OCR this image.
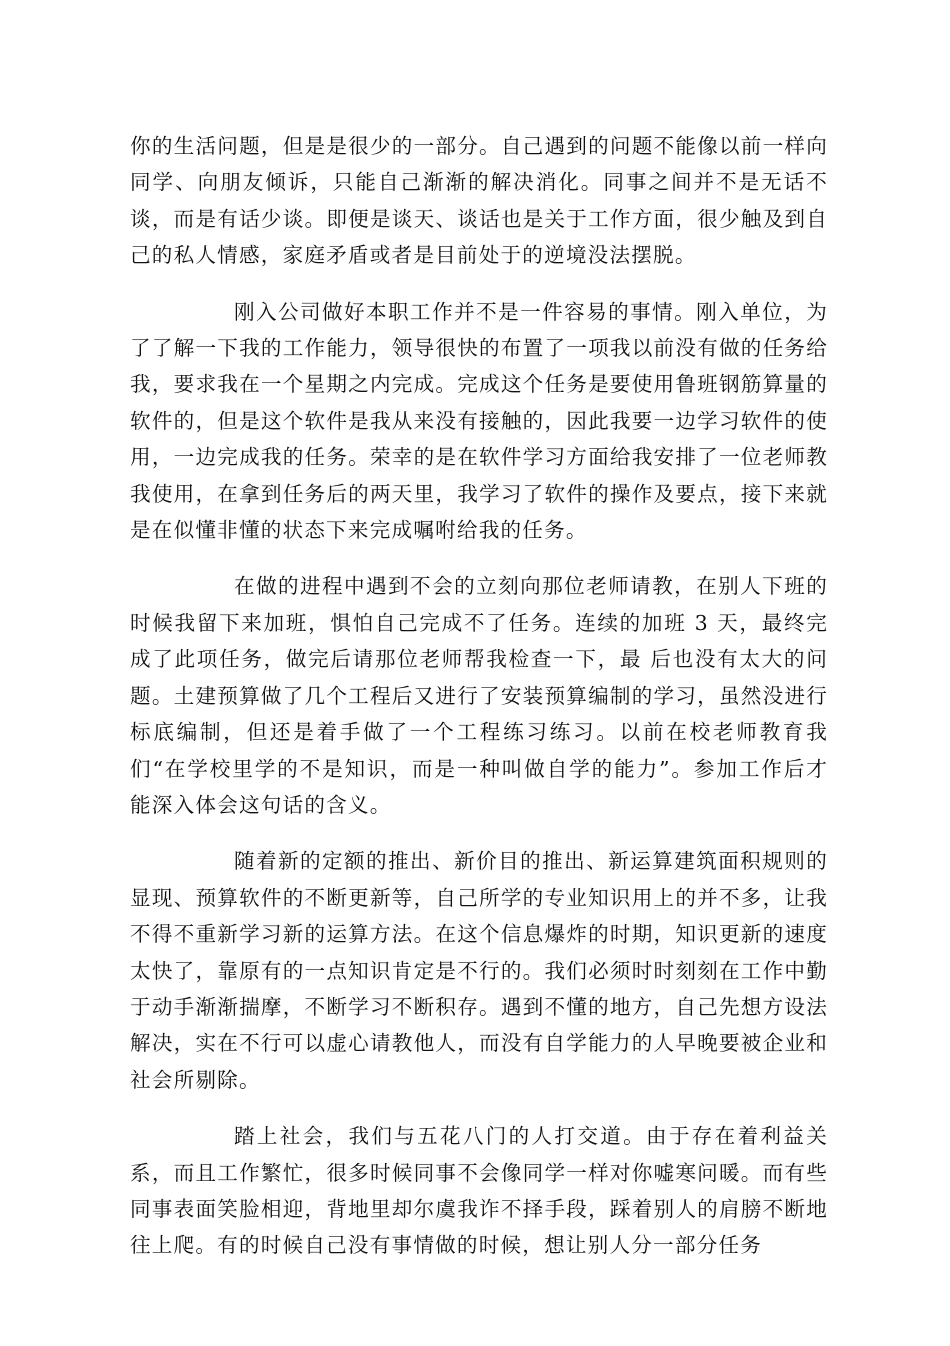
你的生活问题，但是是很少的一部分。自己遇到的问题不能像以前一样向同学、向朋友倾诉，只能自己渐渐的解决消化。同事之间并不是无话不谈，而是有话少谈。即便是谈天、谈话也是关于工作方面，很少触及到自己的私人情感，家庭矛盾或者是目前处于的逆境没法摆脱。

刚入公司做好本职工作并不是一件容易的事情。刚入单位，为了了解一下我的工作能力，领导很快的布置了一项我以前没有做的任务给我，要求我在一个星期之内完成。完成这个任务是要使用鲁班钢筋算量的软件的，但是这个软件是我从来没有接触的，因此我要一边学习软件的使用，一边完成我的任务。荣幸的是在软件学习方面给我安排了一位老师教我使用，在拿到任务后的两天里，我学习了软件的操作及要点，接下来就是在似懂非懂的状态下来完成嘱咐给我的任务。

在做的进程中遇到不会的立刻向那位老师请教，在别人下班的时候我留下来加班，惧怕自己完成不了任务。连续的加班 3 天，最终完成了此项任务，做完后请那位老师帮我检查一下，最 后也没有太大的问题。土建预算做了几个工程后又进行了安装预算编制的学习，虽然没进行标底编制，但还是着手做了一个工程练习练习。以前在校老师教育我们“在学校里学的不是知识，而是一种叫做自学的能力”。参加工作后才能深入体会这句话的含义。

随着新的定额的推出、新价目的推出、新运算建筑面积规则的显现、预算软件的不断更新等，自己所学的专业知识用上的并不多，让我不得不重新学习新的运算方法。在这个信息爆炸的时期，知识更新的速度太快了，靠原有的一点知识肯定是不行的。我们必须时时刻刻在工作中勤于动手渐渐揣摩，不断学习不断积存。遇到不懂的地方，自己先想方设法解决，实在不行可以虚心请教他人，而没有自学能力的人早晚要被企业和社会所剔除。

踏上社会，我们与五花八门的人打交道。由于存在着利益关系，而且工作繁忙，很多时候同事不会像同学一样对你嘘寒问暖。而有些同事表面笑脸相迎，背地里却尔虞我诈不择手段，踩着别人的肩膀不断地往上爬。有的时候自己没有事情做的时候，想让别人分一部分任务
